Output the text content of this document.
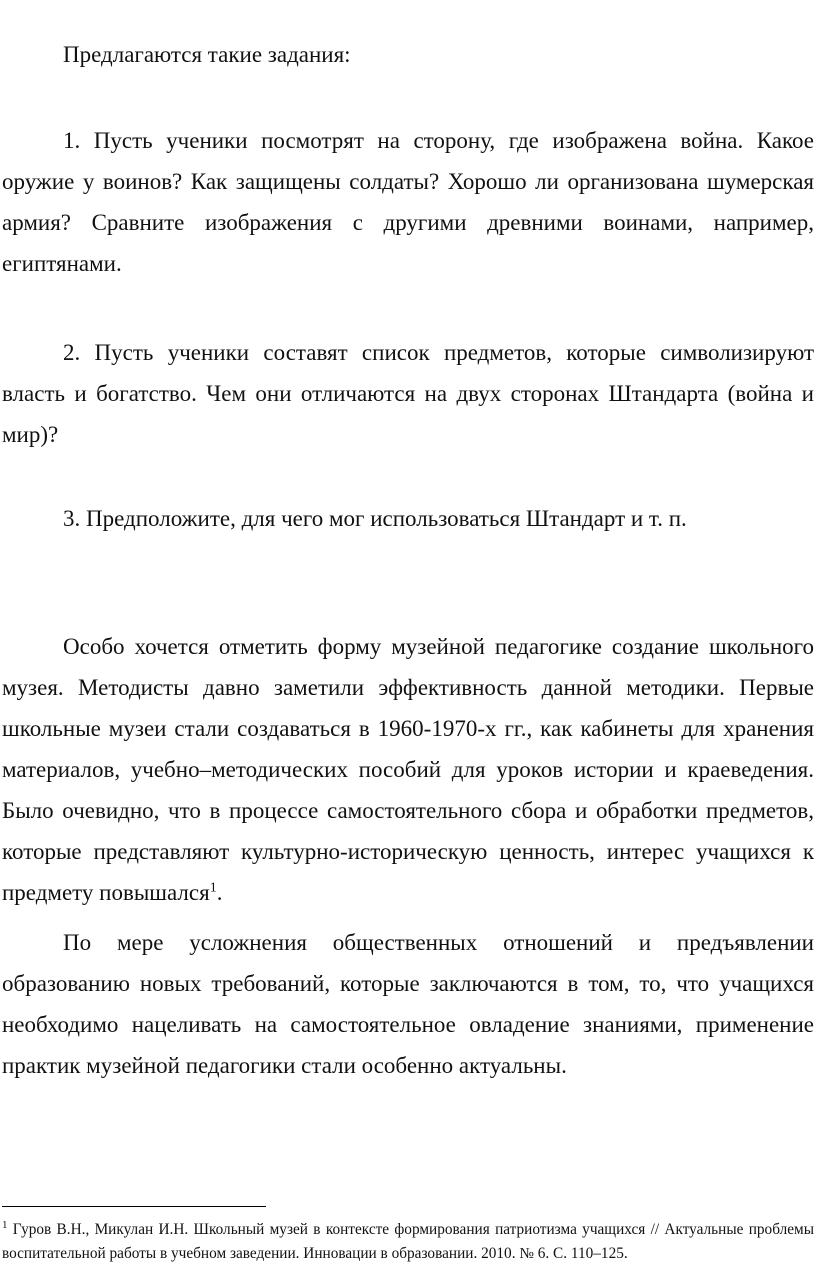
Предлагаются такие задания:

1. Пусть ученики посмотрят на сторону, где изображена война. Какое оружие у воинов? Как защищены солдаты? Хорошо ли организована шумерская армия? Сравните изображения с другими древними воинами, например, египтянами.

2. Пусть ученики составят список предметов, которые символизируют власть и богатство. Чем они отличаются на двух сторонах Штандарта (война и мир)?

3. Предположите, для чего мог использоваться Штандарт и т. п.

Особо хочется отметить форму музейной педагогике создание школьного музея. Методисты давно заметили эффективность данной методики. Первые школьные музеи стали создаваться в 1960-1970-х гг., как кабинеты для хранения материалов, учебно–методических пособий для уроков истории и краеведения. Было очевидно, что в процессе самостоятельного сбора и обработки предметов, которые представляют культурно-историческую ценность, интерес учащихся к предмету повышался$^1$.

По мере усложнения общественных отношений и предъявлении образованию новых требований, которые заключаются в том, то, что учащихся необходимо нацеливать на самостоятельное овладение знаниями, применение практик музейной педагогики стали особенно актуальны.

$^1$ Гуров В.Н., Микулан И.Н. Школьный музей в контексте формирования патриотизма учащихся // Актуальные проблемы воспитательной работы в учебном заведении. Инновации в образовании. 2010. № 6. С. 110–125.
